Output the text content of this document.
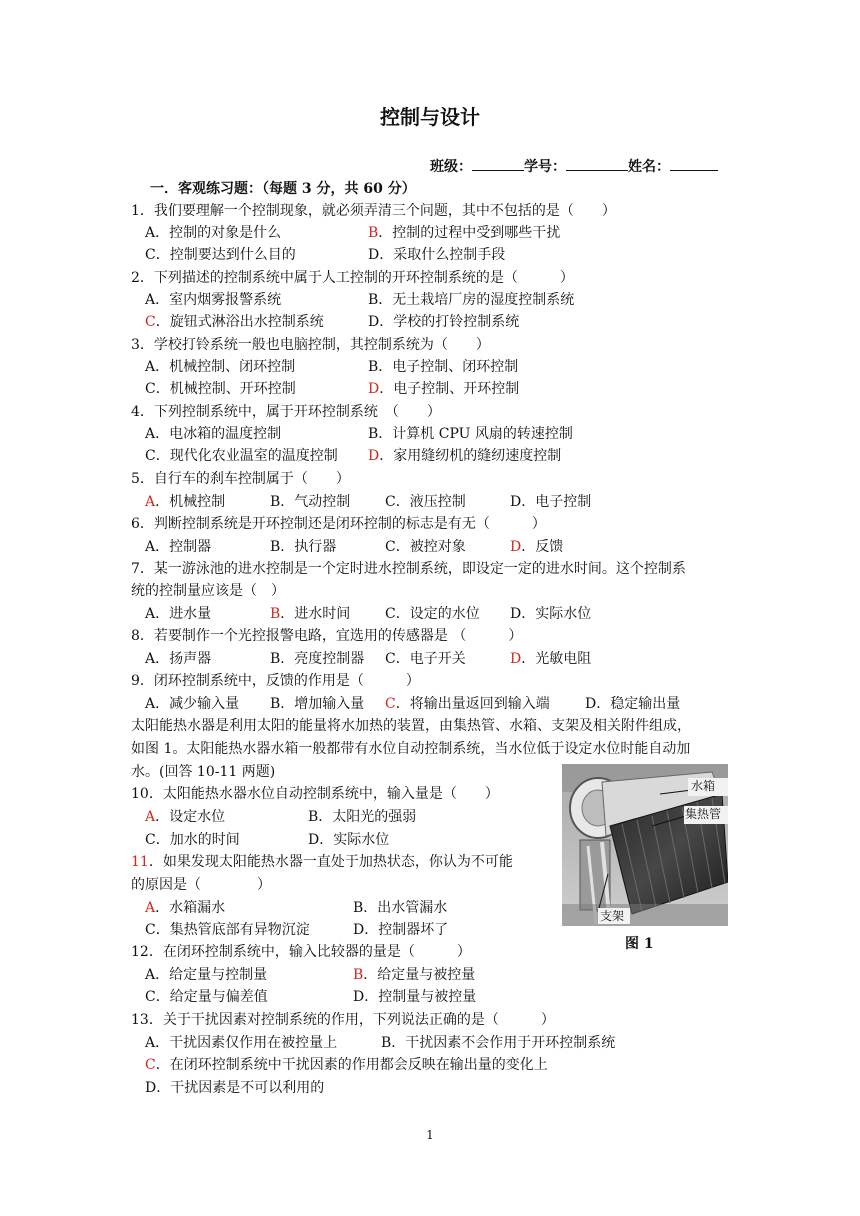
控制与设计
班级：	学号：	姓名：
一．客观练习题：（每题 3 分，共 60 分）
1．我们要理解一个控制现象，就必须弄清三个问题，其中不包括的是（　　）
A．控制的对象是什么	B．控制的过程中受到哪些干扰
C．控制要达到什么目的	D．采取什么控制手段
2．下列描述的控制系统中属于人工控制的开环控制系统的是（　　　）
A．室内烟雾报警系统	B．无土栽培厂房的湿度控制系统
C．旋钮式淋浴出水控制系统	D．学校的打铃控制系统
3．学校打铃系统一般也电脑控制，其控制系统为（　　）
A．机械控制、闭环控制	B．电子控制、闭环控制
C．机械控制、开环控制	D．电子控制、开环控制
4．下列控制系统中，属于开环控制系统　（　　）
A．电冰箱的温度控制	B．计算机 CPU 风扇的转速控制
C．现代化农业温室的温度控制 D．家用缝纫机的缝纫速度控制
5．自行车的刹车控制属于（　　）
A．机械控制	B．气动控制 C．液压控制	D．电子控制
6．判断控制系统是开环控制还是闭环控制的标志是有无（　　　）
A．控制器	B．执行器	C．被控对象	D．反馈
7．某一游泳池的进水控制是一个定时进水控制系统，即设定一定的进水时间。这个控制系
统的控制量应该是（　）
A．进水量	B．进水时间 C．设定的水位 D．实际水位
8．若要制作一个光控报警电路，宜选用的传感器是 （　　　）
A．扬声器	B．亮度控制器 C．电子开关	D．光敏电阻
9．闭环控制系统中，反馈的作用是（　　　）
A．减少输入量 B．增加输入量 C．将输出量返回到输入端	D．稳定输出量
太阳能热水器是利用太阳的能量将水加热的装置，由集热管、水箱、支架及相关附件组成，
如图 1。太阳能热水器水箱一般都带有水位自动控制系统，当水位低于设定水位时能自动加
水。(回答 10-11 两题)
10．太阳能热水器水位自动控制系统中，输入量是（　　）
A．设定水位	B．太阳光的强弱
C．加水的时间	D．实际水位
11．如果发现太阳能热水器一直处于加热状态，你认为不可能
的原因是（　　　　）
A．水箱漏水	B．出水管漏水
C．集热管底部有异物沉淀	D．控制器坏了
水箱
集热管
支架
图 1
12．在闭环控制系统中，输入比较器的量是（　　　）
A．给定量与控制量	B．给定量与被控量
C．给定量与偏差值	D．控制量与被控量
13．关于干扰因素对控制系统的作用，下列说法正确的是（　　　）
A．干扰因素仅作用在被控量上	B．干扰因素不会作用于开环控制系统
C．在闭环控制系统中干扰因素的作用都会反映在输出量的变化上
D．干扰因素是不可以利用的
1
